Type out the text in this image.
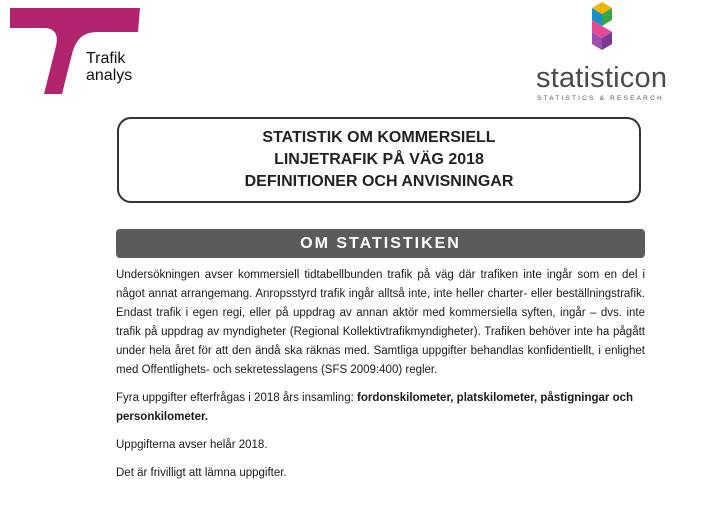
Trafik
analys	statisticon
STATISTICS & RESEARCH
STATISTIK OM KOMMERSIELL
LINJETRAFIK PÅ VÄG 2018
DEFINITIONER OCH ANVISNINGAR
OM STATISTIKEN

Undersökningen avser kommersiell tidtabellbunden trafik på väg där trafiken inte ingår som en del i något annat arrangemang. Anropsstyrd trafik ingår alltså inte, inte heller charter- eller beställningstrafik. Endast trafik i egen regi, eller på uppdrag av annan aktör med kommersiella syften, ingår – dvs. inte trafik på uppdrag av myndigheter (Regional Kollektivtrafikmyndigheter). Trafiken behöver inte ha pågått under hela året för att den ändå ska räknas med. Samtliga uppgifter behandlas konfidentiellt, i enlighet med Offentlighets- och sekretesslagens (SFS 2009:400) regler.

Fyra uppgifter efterfrågas i 2018 års insamling: fordonskilometer, platskilometer, påstigningar och personkilometer.

Uppgifterna avser helår 2018.

Det är frivilligt att lämna uppgifter.
